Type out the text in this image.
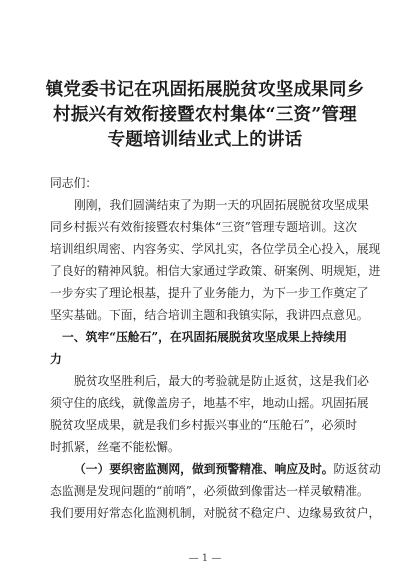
镇党委书记在巩固拓展脱贫攻坚成果同乡
村振兴有效衔接暨农村集体“三资”管理
专题培训结业式上的讲话
同志们：
刚刚，我们圆满结束了为期一天的巩固拓展脱贫攻坚成果
同乡村振兴有效衔接暨农村集体“三资”管理专题培训。这次
培训组织周密、内容务实、学风扎实，各位学员全心投入，展现
了良好的精神风貌。相信大家通过学政策、研案例、明规矩，进
一步夯实了理论根基，提升了业务能力，为下一步工作奠定了
坚实基础。下面，结合培训主题和我镇实际，我讲四点意见。
一、筑牢“压舱石”，在巩固拓展脱贫攻坚成果上持续用
力
脱贫攻坚胜利后，最大的考验就是防止返贫，这是我们必
须守住的底线，就像盖房子，地基不牢，地动山摇。巩固拓展
脱贫攻坚成果，就是我们乡村振兴事业的“压舱石”，必须时
时抓紧，丝毫不能松懈。
（一）要织密监测网，做到预警精准、响应及时。防返贫动
态监测是发现问题的“前哨”，必须做到像雷达一样灵敏精准。
我们要用好常态化监测机制，对脱贫不稳定户、边缘易致贫户，
— 1 —
